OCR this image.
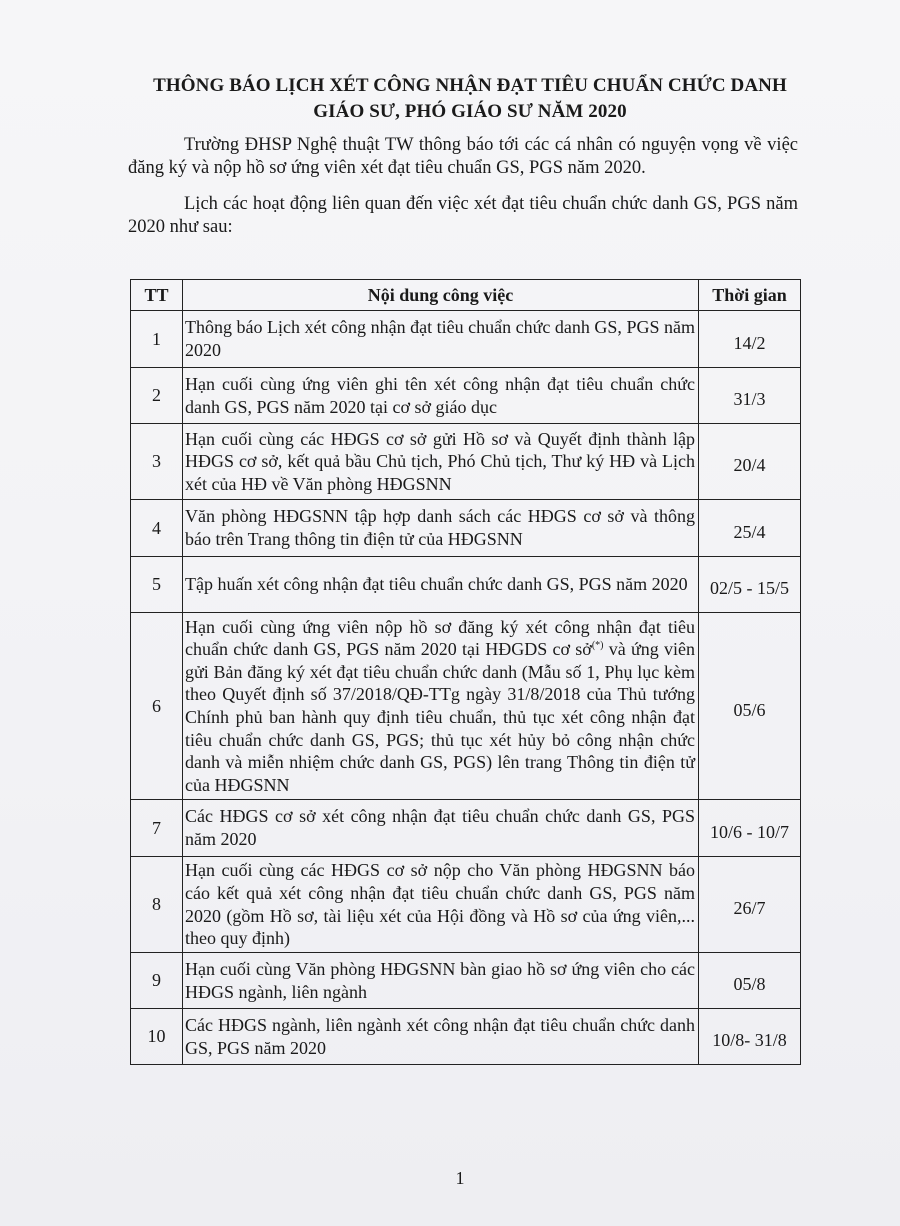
THÔNG BÁO LỊCH XÉT CÔNG NHẬN ĐẠT TIÊU CHUẨN CHỨC DANH
GIÁO SƯ, PHÓ GIÁO SƯ NĂM 2020
Trường ĐHSP Nghệ thuật TW thông báo tới các cá nhân có nguyện vọng về việc đăng ký và nộp hồ sơ ứng viên xét đạt tiêu chuẩn GS, PGS năm 2020.
Lịch các hoạt động liên quan đến việc xét đạt tiêu chuẩn chức danh GS, PGS năm 2020 như sau:
TT	Nội dung công việc	Thời gian
1	Thông báo Lịch xét công nhận đạt tiêu chuẩn chức danh GS, PGS năm 2020	14/2
2	Hạn cuối cùng ứng viên ghi tên xét công nhận đạt tiêu chuẩn chức danh GS, PGS năm 2020 tại cơ sở giáo dục	31/3
3	Hạn cuối cùng các HĐGS cơ sở gửi Hồ sơ và Quyết định thành lập HĐGS cơ sở, kết quả bầu Chủ tịch, Phó Chủ tịch, Thư ký HĐ và Lịch xét của HĐ về Văn phòng HĐGSNN	20/4
4	Văn phòng HĐGSNN tập hợp danh sách các HĐGS cơ sở và thông báo trên Trang thông tin điện tử của HĐGSNN	25/4
5	Tập huấn xét công nhận đạt tiêu chuẩn chức danh GS, PGS năm 2020	02/5 - 15/5
6	Hạn cuối cùng ứng viên nộp hồ sơ đăng ký xét công nhận đạt tiêu chuẩn chức danh GS, PGS năm 2020 tại HĐGDS cơ sở(*) và ứng viên gửi Bản đăng ký xét đạt tiêu chuẩn chức danh (Mẫu số 1, Phụ lục kèm theo Quyết định số 37/2018/QĐ-TTg ngày 31/8/2018 của Thủ tướng Chính phủ ban hành quy định tiêu chuẩn, thủ tục xét công nhận đạt tiêu chuẩn chức danh GS, PGS; thủ tục xét hủy bỏ công nhận chức danh và miễn nhiệm chức danh GS, PGS) lên trang Thông tin điện tử của HĐGSNN	05/6
7	Các HĐGS cơ sở xét công nhận đạt tiêu chuẩn chức danh GS, PGS năm 2020	10/6 - 10/7
8	Hạn cuối cùng các HĐGS cơ sở nộp cho Văn phòng HĐGSNN báo cáo kết quả xét công nhận đạt tiêu chuẩn chức danh GS, PGS năm 2020 (gồm Hồ sơ, tài liệu xét của Hội đồng và Hồ sơ của ứng viên,... theo quy định)	26/7
9	Hạn cuối cùng Văn phòng HĐGSNN bàn giao hồ sơ ứng viên cho các HĐGS ngành, liên ngành	05/8
10	Các HĐGS ngành, liên ngành xét công nhận đạt tiêu chuẩn chức danh GS, PGS năm 2020	10/8- 31/8
1
